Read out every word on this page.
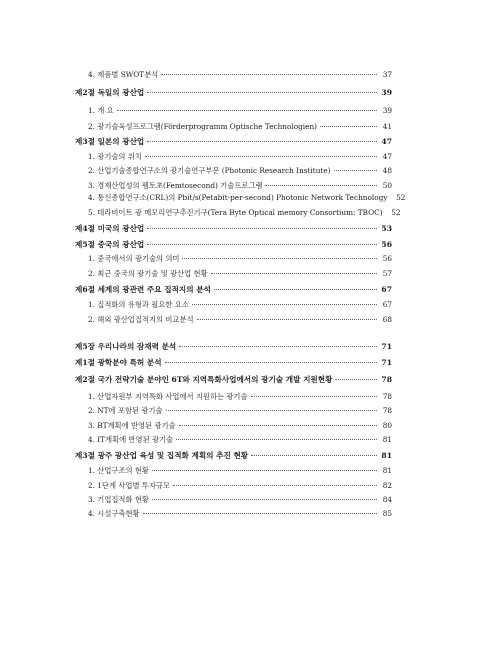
4. 제품별 SWOT분석	37
제2절 독일의 광산업	39
1. 개 요	39
2. 광기술육성프로그램(Förderprogramm Optische Technologien)	41
제3절 일본의 광산업	47
1. 광기술의 위치	47
2. 산업기술종합연구소의 광기술연구부문 (Photonic Research Institute)	48
3. 경제산업성의 펨토초(Femtosecond) 기술프로그램	50
4. 통신종합연구소(CRL)의 Pbit/s(Petabit-per-second) Photonic Network Technology	52
5. 테라비이트 광 메모리연구추진기구(Tera Byte Optical memory Consortium: TBOC)	52
제4절 미국의 광산업	53
제5절 중국의 광산업	56
1. 중국에서의 광기술의 의미	56
2. 최근 중국의 광기술 및 광산업 현황	57
제6절 세계의 광관련 주요 집적지의 분석	67
1. 집적화의 유형과 필요한 요소	67
2. 해외 광산업집적지의 비교분석	68
제5장 우리나라의 잠재력 분석	71
제1절 광학분야 특허 분석	71
제2절 국가 전략기술 분야인 6T와 지역특화사업에서의 광기술 개발 지원현황	78
1. 산업자원부 지역특화 사업에서 지원하는 광기술	78
2. NT에 포함된 광기술	78
3. BT계획에 반영된 광기술	80
4. IT계획에 반영된 광기술	81
제3절 광주 광산업 육성 및 집적화 계획의 추진 현황	81
1. 산업구조의 현황	81
2. 1단계 사업별 투자규모	82
3. 기업집적화 현황	84
4. 시설구축현황	85
